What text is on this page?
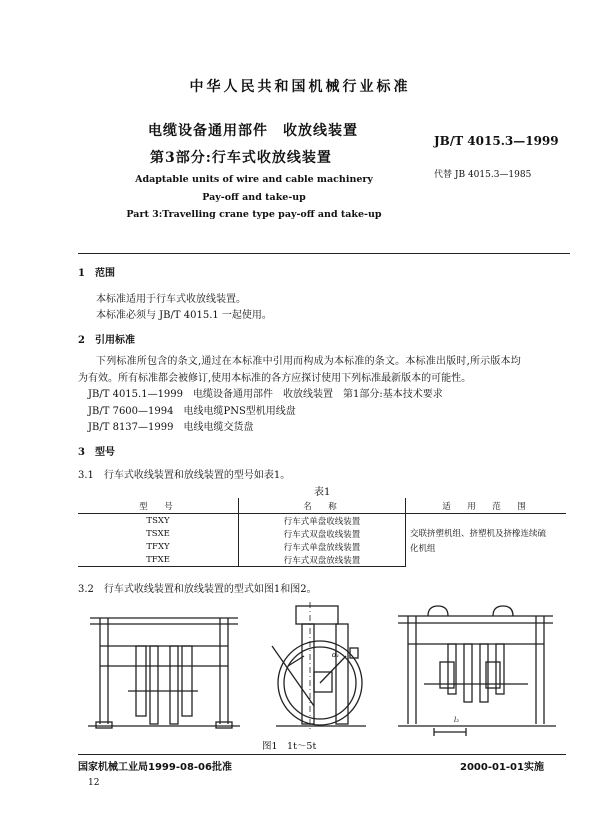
中华人民共和国机械行业标准
电缆设备通用部件　收放线装置
第3部分:行车式收放线装置
JB/T 4015.3—1999
代替 JB 4015.3—1985
Adaptable units of wire and cable machinery
Pay-off and take-up
Part 3:Travelling crane type pay-off and take-up
1　范围
本标准适用于行车式收放线装置。
本标准必须与 JB/T 4015.1 一起使用。
2　引用标准
下列标准所包含的条文,通过在本标准中引用而构成为本标准的条文。本标准出版时,所示版本均
为有效。所有标准都会被修订,使用本标准的各方应探讨使用下列标准最新版本的可能性。
JB/T 4015.1—1999　电缆设备通用部件　收放线装置　第1部分:基本技术要求
JB/T 7600—1994　电线电缆PNS型机用线盘
JB/T 8137—1999　电线电缆交货盘
3　型号
3.1　行车式收线装置和放线装置的型号如表1。
表1
型　号	名　称	适　用　范　围
TSXY	行车式单盘收线装置	交联挤塑机组、挤塑机及挤橡连续硫
化机组

TSXE	行车式双盘收线装置	
TFXY	行车式单盘放线装置	
TFXE	行车式双盘放线装置	
3.2　行车式收线装置和放线装置的型式如图1和图2。
d₁
l₂
图1　1t～5t
国家机械工业局1999-08-06批准	2000-01-01实施
12
